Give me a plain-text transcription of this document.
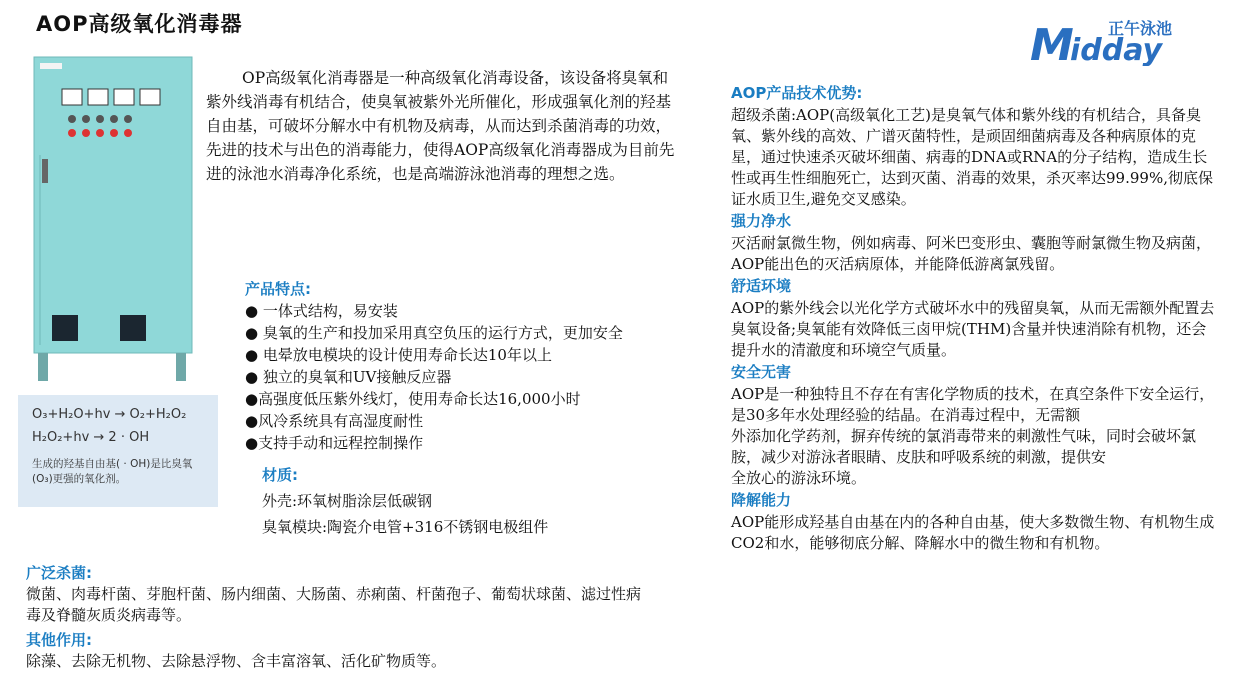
AOP高级氧化消毒器	M
idday
正午泳池
O₃+H₂O+hv → O₂+H₂O₂
H₂O₂+hv → 2 · OH
生成的羟基自由基( · OH)是比臭氧(O₃)更强的氧化剂。
OP高级氧化消毒器是一种高级氧化消毒设备，该设备将臭氧和紫外线消毒有机结合，使臭氧被紫外光所催化，形成强氧化剂的羟基自由基，可破坏分解水中有机物及病毒，从而达到杀菌消毒的功效，先进的技术与出色的消毒能力，使得AOP高级氧化消毒器成为目前先进的泳池水消毒净化系统，也是高端游泳池消毒的理想之选。
产品特点:
● 一体式结构，易安装
● 臭氧的生产和投加采用真空负压的运行方式，更加安全
● 电晕放电模块的设计使用寿命长达10年以上
● 独立的臭氧和UV接触反应器
●高强度低压紫外线灯，使用寿命长达16,000小时
●风冷系统具有高湿度耐性
●支持手动和远程控制操作
材质:
外壳:环氧树脂涂层低碳钢
臭氧模块:陶瓷介电管+316不锈钢电极组件
广泛杀菌:
微菌、肉毒杆菌、芽胞杆菌、肠内细菌、大肠菌、赤痢菌、杆菌孢子、葡萄状球菌、滤过性病毒及脊髓灰质炎病毒等。
其他作用:
除藻、去除无机物、去除悬浮物、含丰富溶氧、活化矿物质等。
AOP产品技术优势:
超级杀菌:AOP(高级氧化工艺)是臭氧气体和紫外线的有机结合，具备臭氧、紫外线的高效、广谱灭菌特性，是顽固细菌病毒及各种病原体的克星，通过快速杀灭破坏细菌、病毒的DNA或RNA的分子结构，造成生长性或再生性细胞死亡，达到灭菌、消毒的效果，杀灭率达99.99%,彻底保证水质卫生,避免交叉感染。
强力净水
灭活耐氯微生物，例如病毒、阿米巴变形虫、囊胞等耐氯微生物及病菌，AOP能出色的灭活病原体，并能降低游离氯残留。
舒适环境
AOP的紫外线会以光化学方式破坏水中的残留臭氧，从而无需额外配置去臭氧设备;臭氧能有效降低三卤甲烷(THM)含量并快速消除有机物，还会提升水的清澈度和环境空气质量。
安全无害
AOP是一种独特且不存在有害化学物质的技术，在真空条件下安全运行，是30多年水处理经验的结晶。在消毒过程中，无需额
外添加化学药剂，摒弃传统的氯消毒带来的刺激性气味，同时会破坏氯胺，减少对游泳者眼睛、皮肤和呼吸系统的刺激，提供安
全放心的游泳环境。
降解能力
AOP能形成羟基自由基在内的各种自由基，使大多数微生物、有机物生成CO2和水，能够彻底分解、降解水中的微生物和有机物。
